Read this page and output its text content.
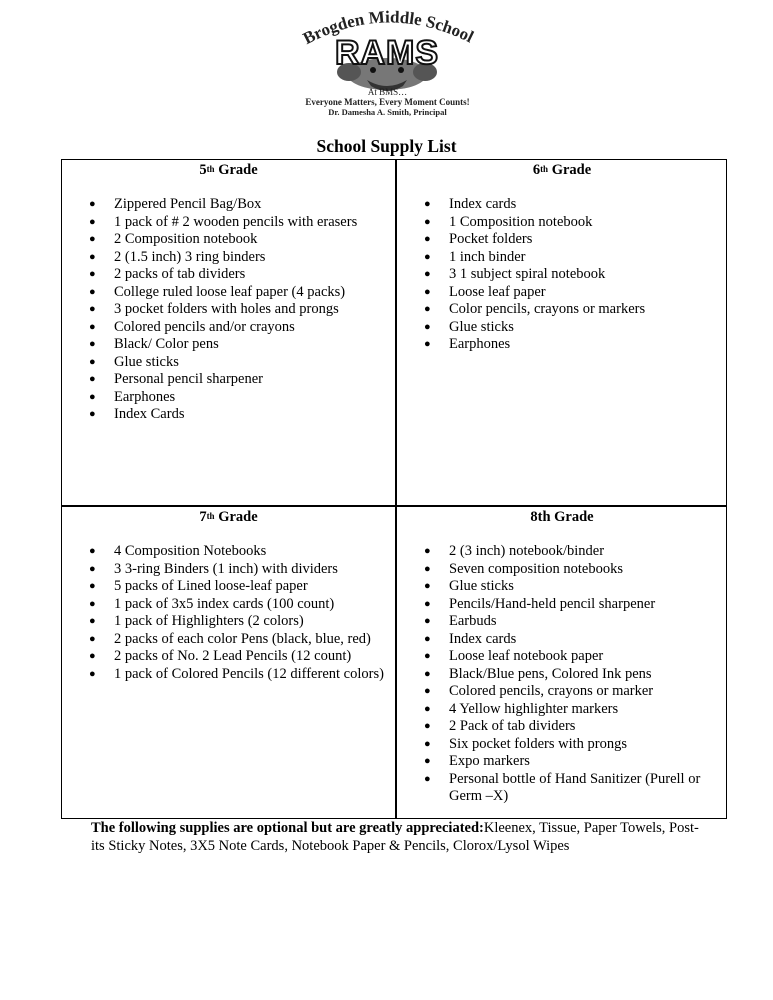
Brogden Middle School
RAMS
At BMS…
Everyone Matters, Every Moment Counts!
Dr. Damesha A. Smith, Principal
School Supply List
5th Grade
● Zippered Pencil Bag/Box
● 1 pack of # 2 wooden pencils with erasers
● 2 Composition notebook
● 2 (1.5 inch) 3 ring binders
● 2 packs of tab dividers
● College ruled loose leaf paper (4 packs)
● 3 pocket folders with holes and prongs
● Colored pencils and/or crayons
● Black/ Color pens
● Glue sticks
● Personal pencil sharpener
● Earphones
● Index Cards
6th Grade
● Index cards
● 1 Composition notebook
● Pocket folders
● 1 inch binder
● 3 1 subject spiral notebook
● Loose leaf paper
● Color pencils, crayons or markers
● Glue sticks
● Earphones
7th Grade
● 4 Composition Notebooks
● 3 3-ring Binders (1 inch) with dividers
● 5 packs of Lined loose-leaf paper
● 1 pack of 3x5 index cards (100 count)
● 1 pack of Highlighters (2 colors)
● 2 packs of each color Pens (black, blue, red)
● 2 packs of No. 2 Lead Pencils (12 count)
● 1 pack of Colored Pencils (12 different colors)
8th Grade
● 2 (3 inch) notebook/binder
● Seven composition notebooks
● Glue sticks
● Pencils/Hand-held pencil sharpener
● Earbuds
● Index cards
● Loose leaf notebook paper
● Black/Blue pens, Colored Ink pens
● Colored pencils, crayons or marker
● 4 Yellow highlighter markers
● 2 Pack of tab dividers
● Six pocket folders with prongs
● Expo markers
● Personal bottle of Hand Sanitizer (Purell or Germ –X)
The following supplies are optional but are greatly appreciated:Kleenex, Tissue, Paper Towels, Post-its Sticky Notes, 3X5 Note Cards, Notebook Paper & Pencils, Clorox/Lysol Wipes
